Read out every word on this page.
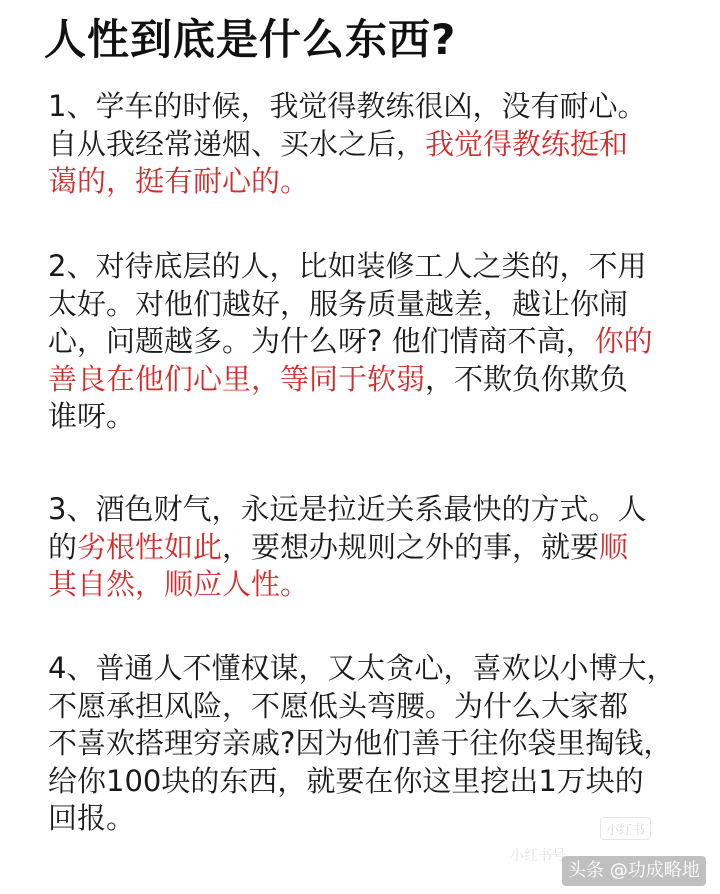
人性到底是什么东西?
1、学车的时候，我觉得教练很凶，没有耐心。
自从我经常递烟、买水之后，我觉得教练挺和
蔼的，挺有耐心的。
2、对待底层的人，比如装修工人之类的，不用
太好。对他们越好，服务质量越差，越让你闹
心，问题越多。为什么呀? 他们情商不高，你的
善良在他们心里，等同于软弱，不欺负你欺负
谁呀。
3、酒色财气，永远是拉近关系最快的方式。人
的劣根性如此，要想办规则之外的事，就要顺
其自然，顺应人性。
4、普通人不懂权谋，又太贪心，喜欢以小博大，
不愿承担风险，不愿低头弯腰。为什么大家都
不喜欢搭理穷亲戚?因为他们善于往你袋里掏钱，
给你100块的东西，就要在你这里挖出1万块的
回报。	小红书
小红书号
头条 @功成略地
